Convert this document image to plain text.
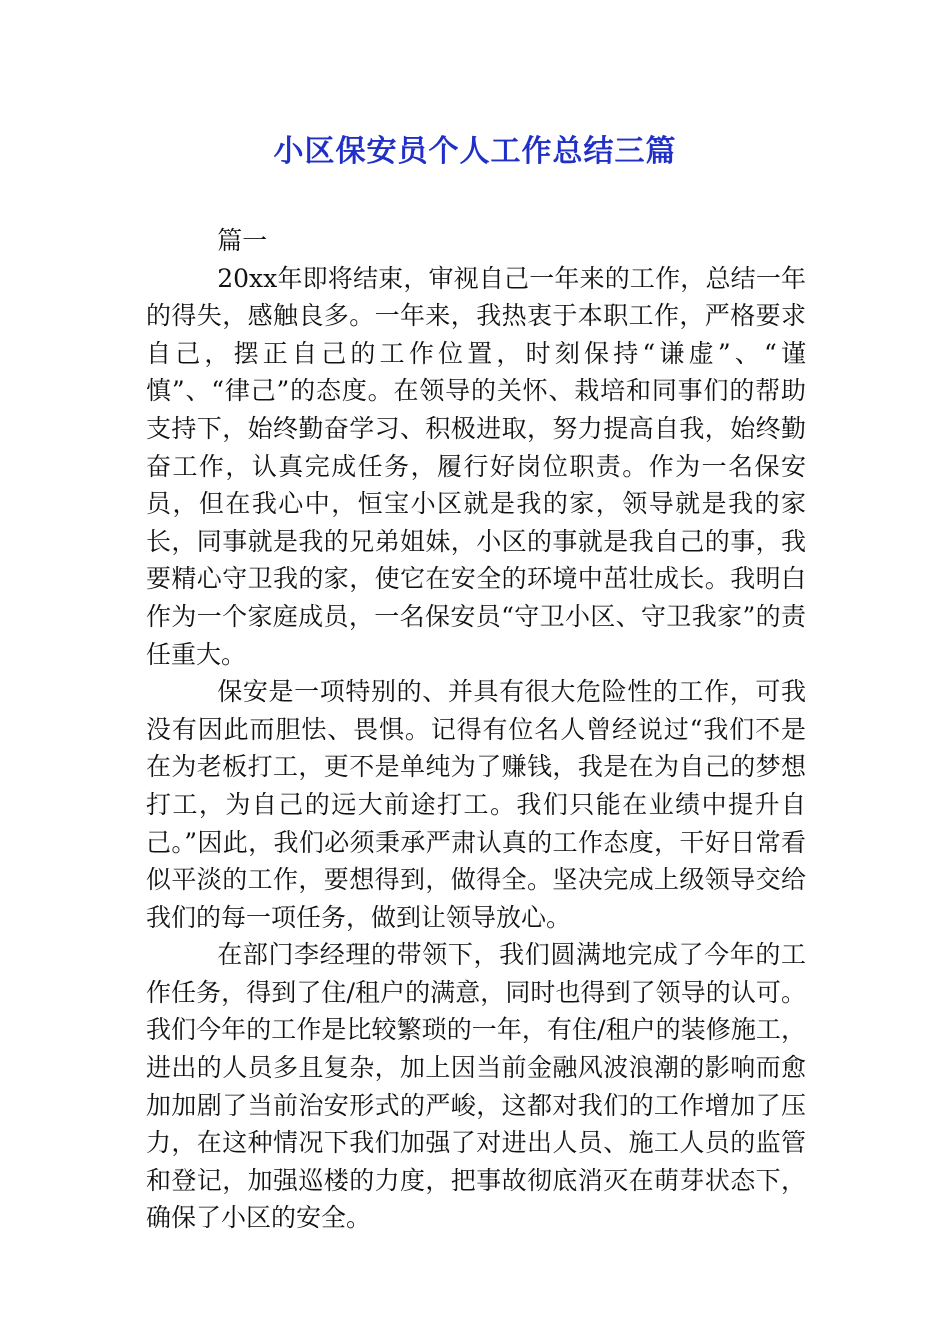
小区保安员个人工作总结三篇

篇一

20xx年即将结束，审视自己一年来的工作，总结一年的得失，感触良多。一年来，我热衷于本职工作，严格要求自己，摆正自己的工作位置，时刻保持“谦虚”、“谨慎”、“律己”的态度。在领导的关怀、栽培和同事们的帮助支持下，始终勤奋学习、积极进取，努力提高自我，始终勤奋工作，认真完成任务，履行好岗位职责。作为一名保安员，但在我心中，恒宝小区就是我的家，领导就是我的家长，同事就是我的兄弟姐妹，小区的事就是我自己的事，我要精心守卫我的家，使它在安全的环境中茁壮成长。我明白作为一个家庭成员，一名保安员“守卫小区、守卫我家”的责任重大。

保安是一项特别的、并具有很大危险性的工作，可我没有因此而胆怯、畏惧。记得有位名人曾经说过“我们不是在为老板打工，更不是单纯为了赚钱，我是在为自己的梦想打工，为自己的远大前途打工。我们只能在业绩中提升自己。”因此，我们必须秉承严肃认真的工作态度，干好日常看似平淡的工作，要想得到，做得全。坚决完成上级领导交给我们的每一项任务，做到让领导放心。

在部门李经理的带领下，我们圆满地完成了今年的工作任务，得到了住/租户的满意，同时也得到了领导的认可。我们今年的工作是比较繁琐的一年，有住/租户的装修施工，进出的人员多且复杂，加上因当前金融风波浪潮的影响而愈加加剧了当前治安形式的严峻，这都对我们的工作增加了压力，在这种情况下我们加强了对进出人员、施工人员的监管和登记，加强巡楼的力度，把事故彻底消灭在萌芽状态下，确保了小区的安全。
